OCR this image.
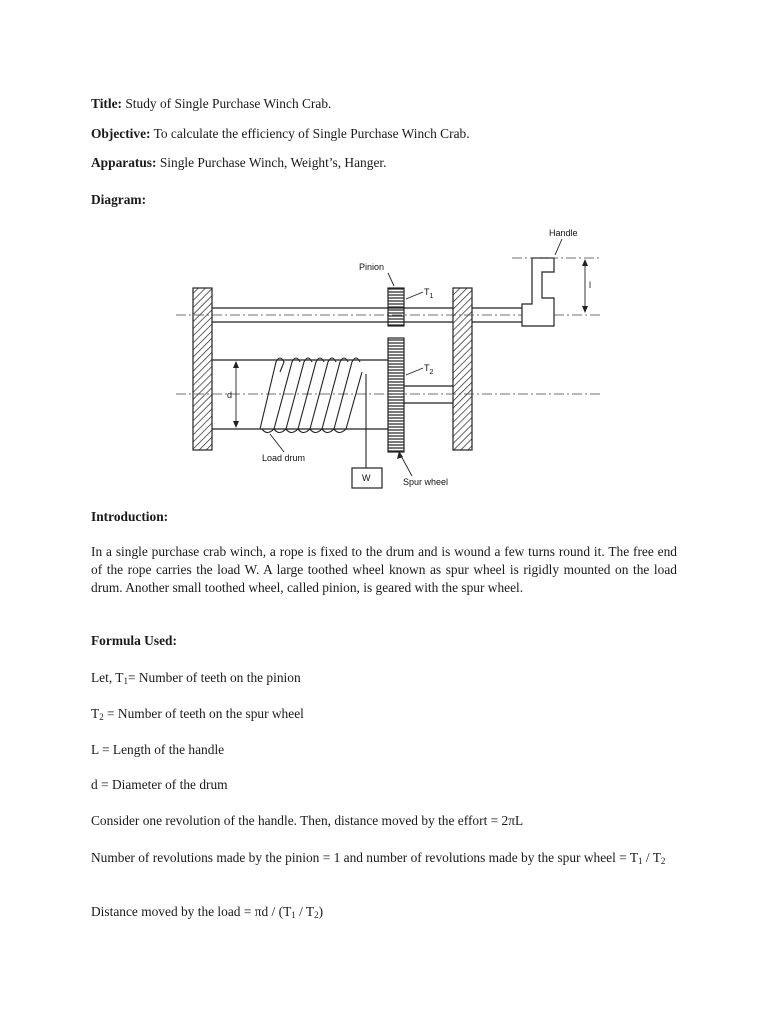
Title: Study of Single Purchase Winch Crab.

Objective: To calculate the efficiency of Single Purchase Winch Crab.

Apparatus: Single Purchase Winch, Weight’s, Hanger.

Diagram:

l
Handle
Pinion
$T_1$
$T_2$
Spur wheel
d
Load drum
W

Introduction:

In a single purchase crab winch, a rope is fixed to the drum and is wound a few turns round it. The free end of the rope carries the load W. A large toothed wheel known as spur wheel is rigidly mounted on the load drum. Another small toothed wheel, called pinion, is geared with the spur wheel.

Formula Used:

Let, $T_1=$ Number of teeth on the pinion

$T_2$ = Number of teeth on the spur wheel

L = Length of the handle

d = Diameter of the drum

Consider one revolution of the handle. Then, distance moved by the effort = 2πL

Number of revolutions made by the pinion = 1 and number of revolutions made by the spur wheel = $T_1 / T_2$

Distance moved by the load = πd / $(T_1 / T_2)$
